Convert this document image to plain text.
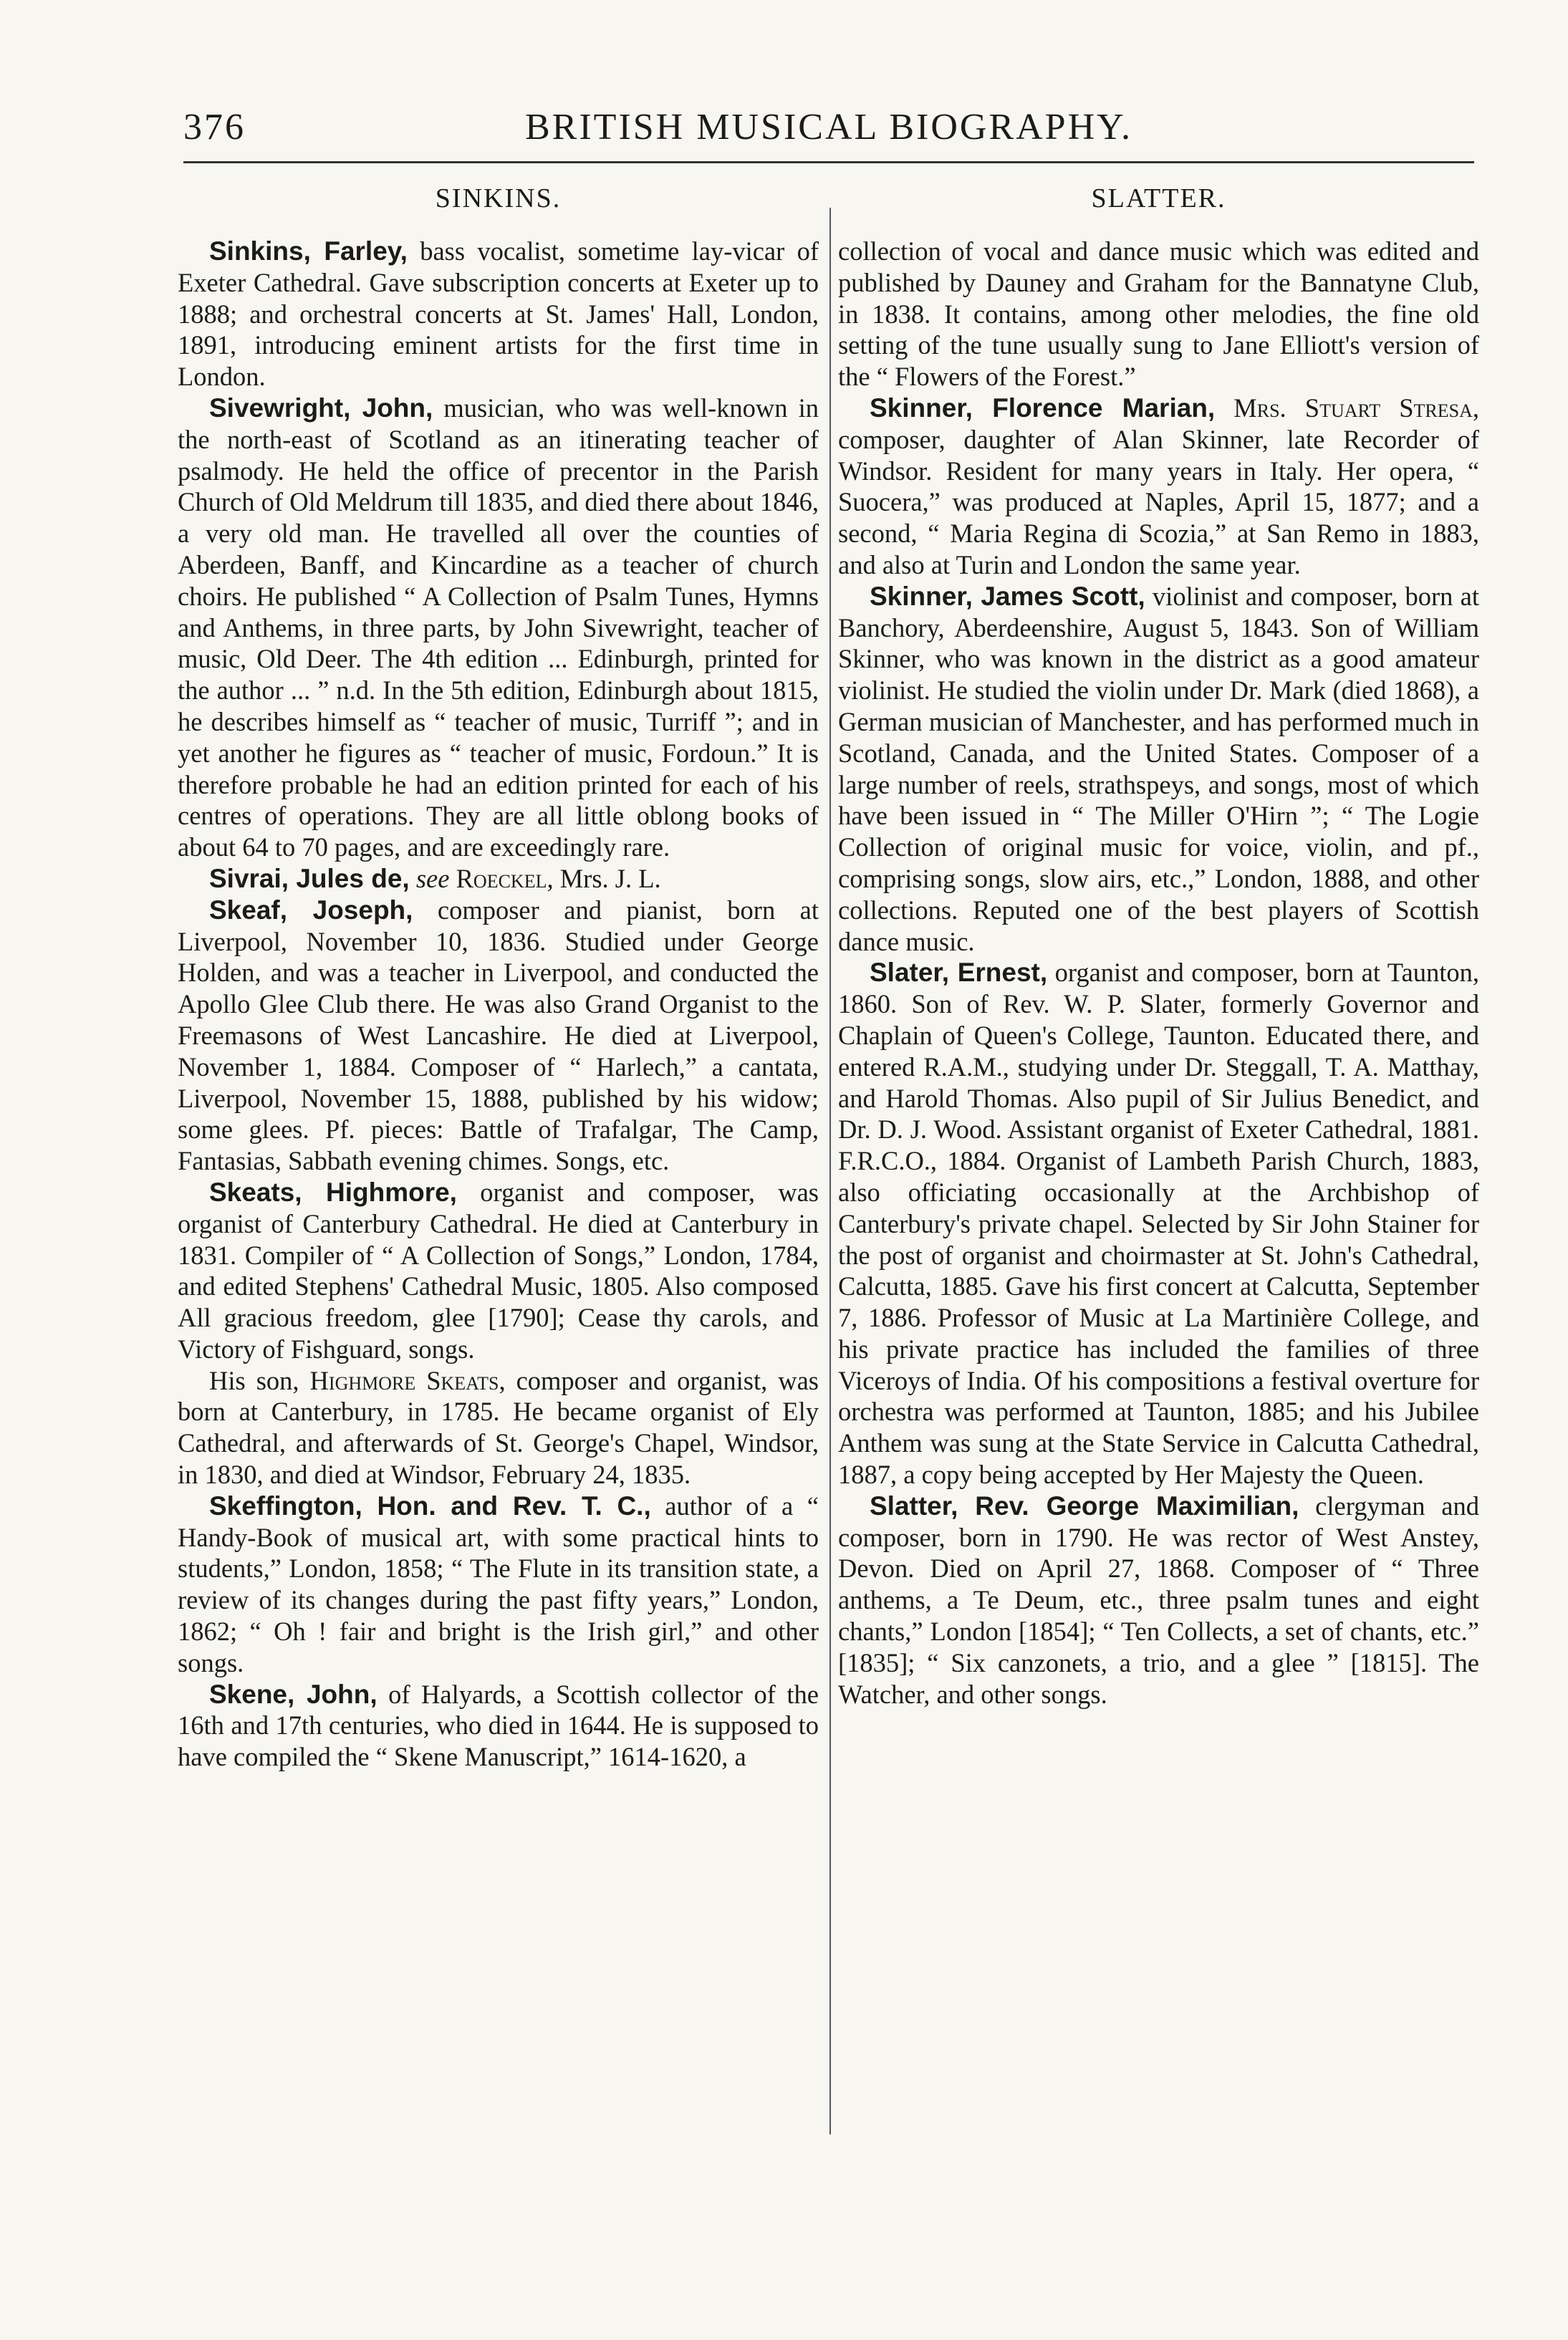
376	BRITISH MUSICAL BIOGRAPHY.
SINKINS.

Sinkins, Farley, bass vocalist, sometime lay-vicar of Exeter Cathedral. Gave subscription concerts at Exeter up to 1888; and orchestral concerts at St. James' Hall, London, 1891, introducing eminent artists for the first time in London.

Sivewright, John, musician, who was well-known in the north-east of Scotland as an itinerating teacher of psalmody. He held the office of precentor in the Parish Church of Old Meldrum till 1835, and died there about 1846, a very old man. He travelled all over the counties of Aberdeen, Banff, and Kincardine as a teacher of church choirs. He published “ A Collection of Psalm Tunes, Hymns and Anthems, in three parts, by John Sivewright, teacher of music, Old Deer. The 4th edition ... Edinburgh, printed for the author ... ” n.d. In the 5th edition, Edinburgh about 1815, he describes himself as “ teacher of music, Turriff ”; and in yet another he figures as “ teacher of music, Fordoun.” It is therefore probable he had an edition printed for each of his centres of operations. They are all little oblong books of about 64 to 70 pages, and are exceedingly rare.

Sivrai, Jules de, see Roeckel, Mrs. J. L.

Skeaf, Joseph, composer and pianist, born at Liverpool, November 10, 1836. Studied under George Holden, and was a teacher in Liverpool, and conducted the Apollo Glee Club there. He was also Grand Organist to the Freemasons of West Lancashire. He died at Liverpool, November 1, 1884. Composer of “ Harlech,” a cantata, Liverpool, November 15, 1888, published by his widow; some glees. Pf. pieces: Battle of Trafalgar, The Camp, Fantasias, Sabbath evening chimes. Songs, etc.

Skeats, Highmore, organist and composer, was organist of Canterbury Cathedral. He died at Canterbury in 1831. Compiler of “ A Collection of Songs,” London, 1784, and edited Stephens' Cathedral Music, 1805. Also composed All gracious freedom, glee [1790]; Cease thy carols, and Victory of Fishguard, songs.

His son, Highmore Skeats, composer and organist, was born at Canterbury, in 1785. He became organist of Ely Cathedral, and afterwards of St. George's Chapel, Windsor, in 1830, and died at Windsor, February 24, 1835.

Skeffington, Hon. and Rev. T. C., author of a “ Handy-Book of musical art, with some practical hints to students,” London, 1858; “ The Flute in its transition state, a review of its changes during the past fifty years,” London, 1862; “ Oh ! fair and bright is the Irish girl,” and other songs.

Skene, John, of Halyards, a Scottish collector of the 16th and 17th centuries, who died in 1644. He is supposed to have compiled the “ Skene Manuscript,” 1614-1620, a

SLATTER.

collection of vocal and dance music which was edited and published by Dauney and Graham for the Bannatyne Club, in 1838. It contains, among other melodies, the fine old setting of the tune usually sung to Jane Elliott's version of the “ Flowers of the Forest.”

Skinner, Florence Marian, Mrs. Stuart Stresa, composer, daughter of Alan Skinner, late Recorder of Windsor. Resident for many years in Italy. Her opera, “ Suocera,” was produced at Naples, April 15, 1877; and a second, “ Maria Regina di Scozia,” at San Remo in 1883, and also at Turin and London the same year.

Skinner, James Scott, violinist and composer, born at Banchory, Aberdeenshire, August 5, 1843. Son of William Skinner, who was known in the district as a good amateur violinist. He studied the violin under Dr. Mark (died 1868), a German musician of Manchester, and has performed much in Scotland, Canada, and the United States. Composer of a large number of reels, strathspeys, and songs, most of which have been issued in “ The Miller O'Hirn ”; “ The Logie Collection of original music for voice, violin, and pf., comprising songs, slow airs, etc.,” London, 1888, and other collections. Reputed one of the best players of Scottish dance music.

Slater, Ernest, organist and composer, born at Taunton, 1860. Son of Rev. W. P. Slater, formerly Governor and Chaplain of Queen's College, Taunton. Educated there, and entered R.A.M., studying under Dr. Steggall, T. A. Matthay, and Harold Thomas. Also pupil of Sir Julius Benedict, and Dr. D. J. Wood. Assistant organist of Exeter Cathedral, 1881. F.R.C.O., 1884. Organist of Lambeth Parish Church, 1883, also officiating occasionally at the Archbishop of Canterbury's private chapel. Selected by Sir John Stainer for the post of organist and choirmaster at St. John's Cathedral, Calcutta, 1885. Gave his first concert at Calcutta, September 7, 1886. Professor of Music at La Martinière College, and his private practice has included the families of three Viceroys of India. Of his compositions a festival overture for orchestra was performed at Taunton, 1885; and his Jubilee Anthem was sung at the State Service in Calcutta Cathedral, 1887, a copy being accepted by Her Majesty the Queen.

Slatter, Rev. George Maximilian, clergyman and composer, born in 1790. He was rector of West Anstey, Devon. Died on April 27, 1868. Composer of “ Three anthems, a Te Deum, etc., three psalm tunes and eight chants,” London [1854]; “ Ten Collects, a set of chants, etc.” [1835]; “ Six canzonets, a trio, and a glee ” [1815]. The Watcher, and other songs.
